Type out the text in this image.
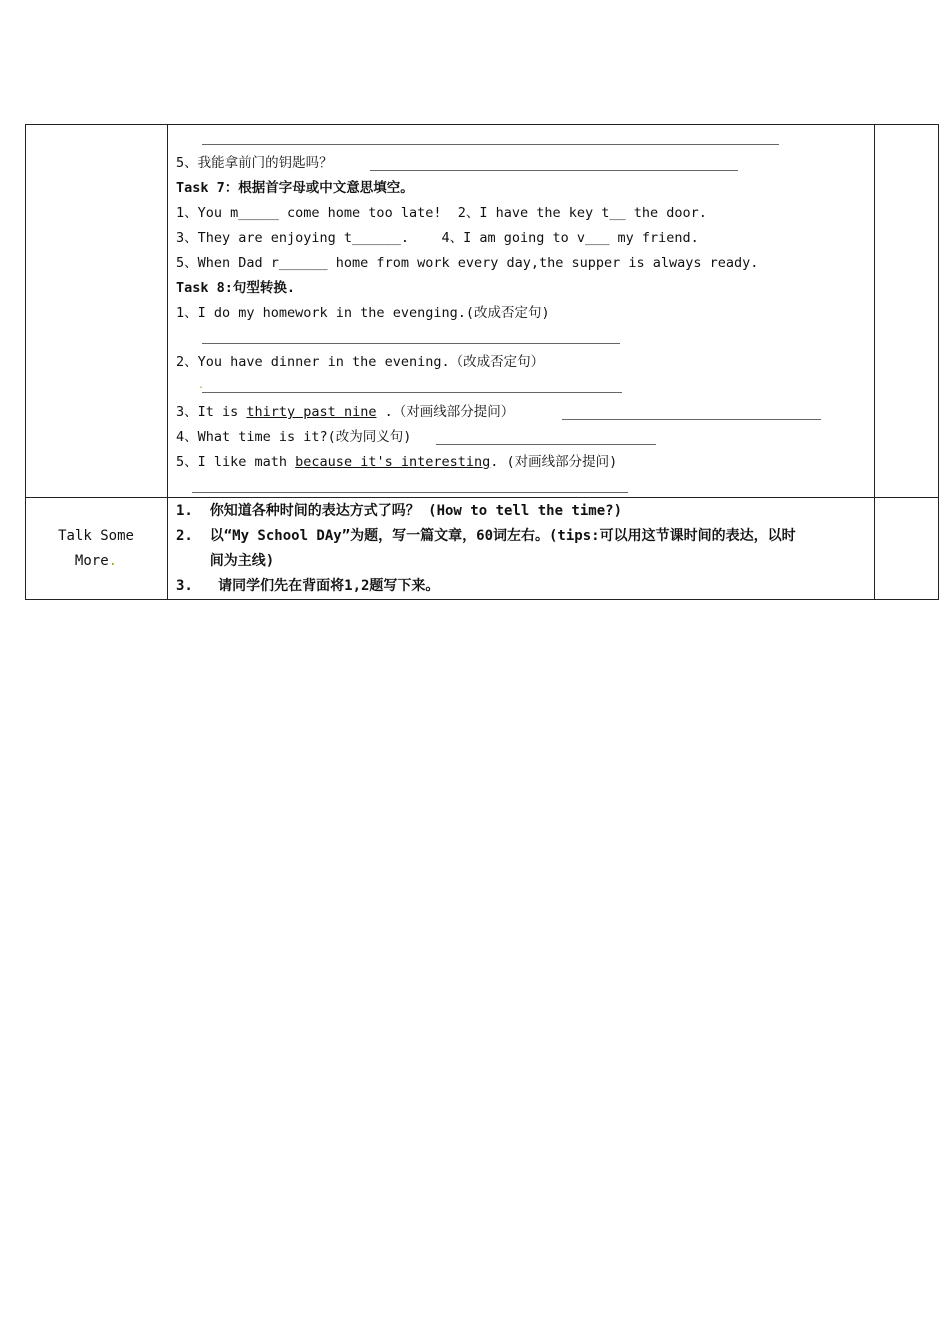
5、我能拿前门的钥匙吗？
Task 7：根据首字母或中文意思填空。
1、You m_____ come home too late!  2、I have the key t__ the door.
3、They are enjoying t______.    4、I am going to v___ my friend.
5、When Dad r______ home from work every day,the supper is always ready.
Task 8:句型转换.
1、I do my homework in the evenging.(改成否定句)
2、You have dinner in the evening.（改成否定句）
.
3、It is thirty past nine .（对画线部分提问）
4、What time is it?(改为同义句)
5、I like math because it's interesting. (对画线部分提问)
Talk Some
More.
1.  你知道各种时间的表达方式了吗？ (How to tell the time?)
2.  以“My School DAy”为题，写一篇文章，60词左右。(tips:可以用这节课时间的表达，以时
间为主线)
3.   请同学们先在背面将1,2题写下来。
